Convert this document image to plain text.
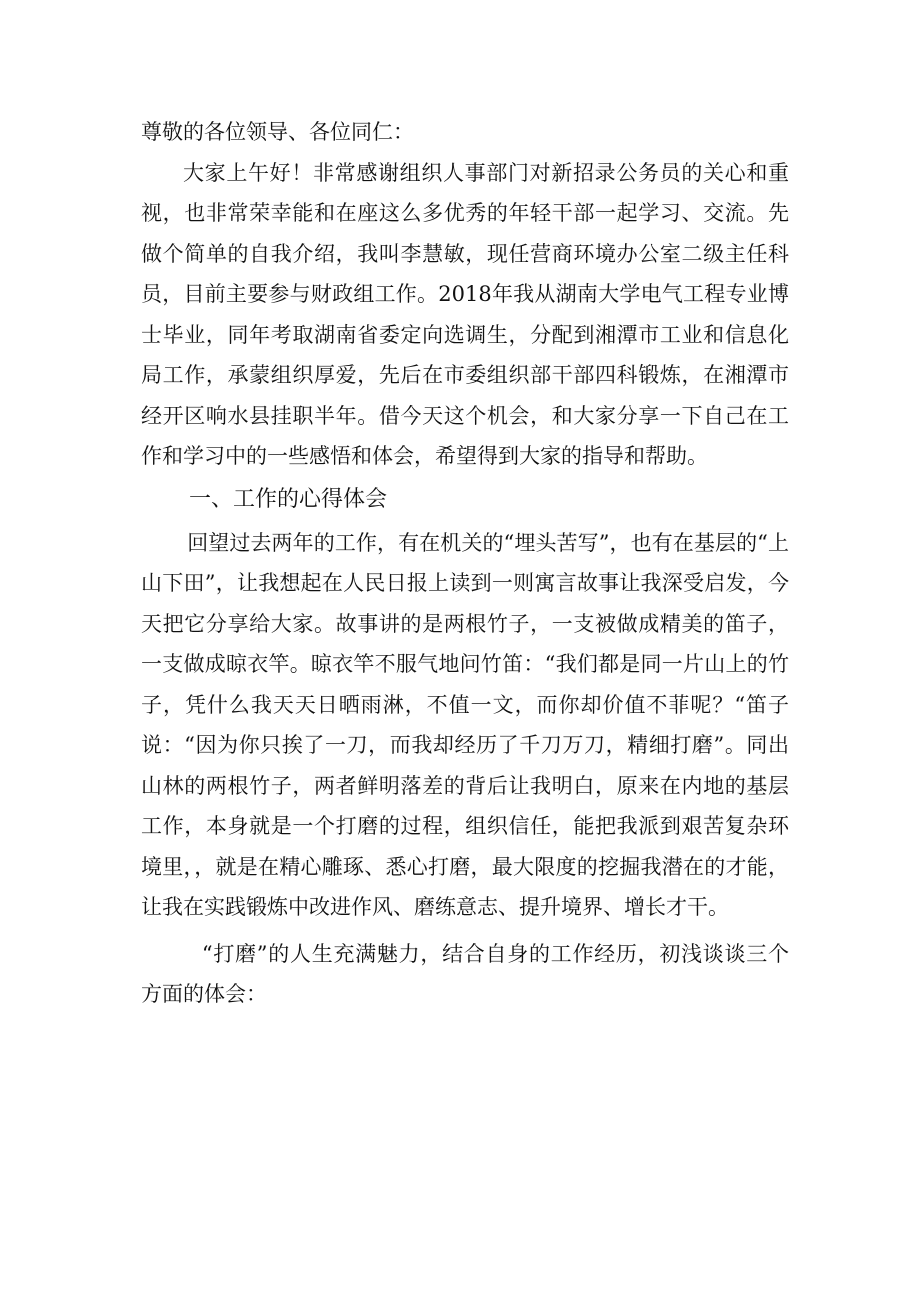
尊敬的各位领导、各位同仁：

大家上午好！非常感谢组织人事部门对新招录公务员的关心和重视，也非常荣幸能和在座这么多优秀的年轻干部一起学习、交流。先做个简单的自我介绍，我叫李慧敏，现任营商环境办公室二级主任科员，目前主要参与财政组工作。2018年我从湖南大学电气工程专业博士毕业，同年考取湖南省委定向选调生，分配到湘潭市工业和信息化局工作，承蒙组织厚爱，先后在市委组织部干部四科锻炼，在湘潭市经开区响水县挂职半年。借今天这个机会，和大家分享一下自己在工作和学习中的一些感悟和体会，希望得到大家的指导和帮助。

一、工作的心得体会

回望过去两年的工作，有在机关的“埋头苦写”，也有在基层的“上山下田”，让我想起在人民日报上读到一则寓言故事让我深受启发，今天把它分享给大家。故事讲的是两根竹子，一支被做成精美的笛子，一支做成晾衣竿。晾衣竿不服气地问竹笛：“我们都是同一片山上的竹子，凭什么我天天日晒雨淋，不值一文，而你却价值不菲呢？“笛子说：“因为你只挨了一刀，而我却经历了千刀万刀，精细打磨”。同出山林的两根竹子，两者鲜明落差的背后让我明白，原来在内地的基层工作，本身就是一个打磨的过程，组织信任，能把我派到艰苦复杂环境里，，就是在精心雕琢、悉心打磨，最大限度的挖掘我潜在的才能，让我在实践锻炼中改进作风、磨练意志、提升境界、增长才干。

“打磨”的人生充满魅力，结合自身的工作经历，初浅谈谈三个方面的体会：
